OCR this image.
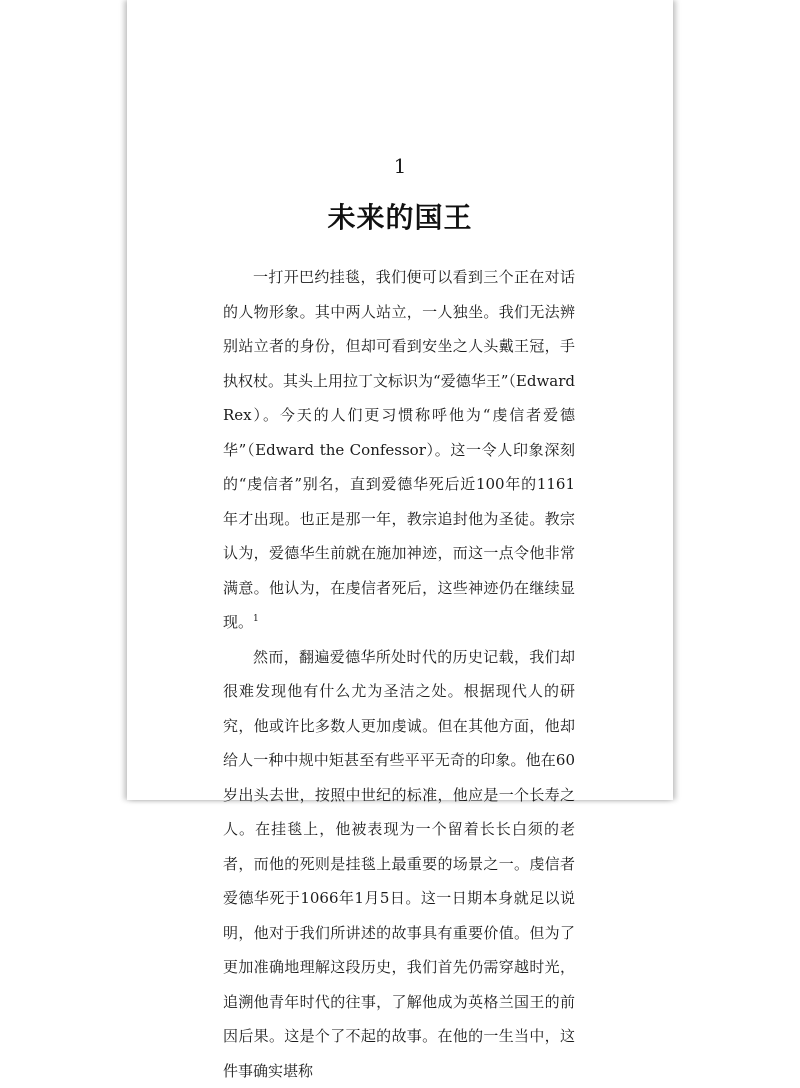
1
未来的国王

一打开巴约挂毯，我们便可以看到三个正在对话的人物形象。其中两人站立，一人独坐。我们无法辨别站立者的身份，但却可看到安坐之人头戴王冠，手执权杖。其头上用拉丁文标识为“爱德华王”（Edward Rex）。今天的人们更习惯称呼他为“虔信者爱德华”（Edward the Confessor）。这一令人印象深刻的“虔信者”别名，直到爱德华死后近100年的1161年才出现。也正是那一年，教宗追封他为圣徒。教宗认为，爱德华生前就在施加神迹，而这一点令他非常满意。他认为，在虔信者死后，这些神迹仍在继续显现。$^1$

然而，翻遍爱德华所处时代的历史记载，我们却很难发现他有什么尤为圣洁之处。根据现代人的研究，他或许比多数人更加虔诚。但在其他方面，他却给人一种中规中矩甚至有些平平无奇的印象。他在60岁出头去世，按照中世纪的标准，他应是一个长寿之人。在挂毯上，他被表现为一个留着长长白须的老者，而他的死则是挂毯上最重要的场景之一。虔信者爱德华死于1066年1月5日。这一日期本身就足以说明，他对于我们所讲述的故事具有重要价值。但为了更加准确地理解这段历史，我们首先仍需穿越时光，追溯他青年时代的往事，了解他成为英格兰国王的前因后果。这是个了不起的故事。在他的一生当中，这件事确实堪称
